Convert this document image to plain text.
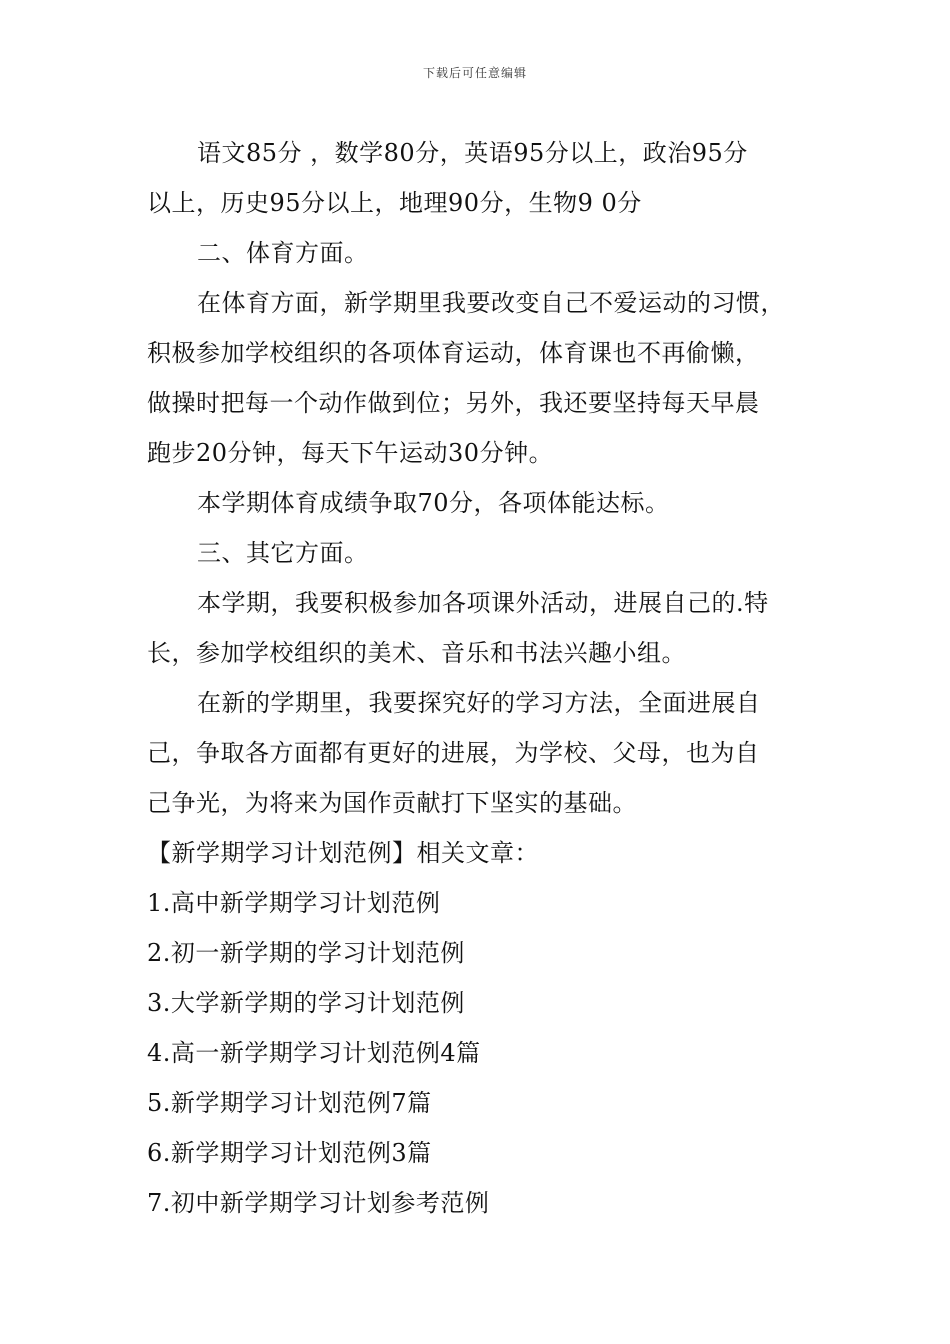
下载后可任意编辑
语文85分 ，数学80分，英语95分以上，政治95分
以上，历史95分以上，地理90分，生物9 0分
二、体育方面。
在体育方面，新学期里我要改变自己不爱运动的习惯，
积极参加学校组织的各项体育运动，体育课也不再偷懒，
做操时把每一个动作做到位；另外，我还要坚持每天早晨
跑步20分钟，每天下午运动30分钟。
本学期体育成绩争取70分，各项体能达标。
三、其它方面。
本学期，我要积极参加各项课外活动，进展自己的.特
长，参加学校组织的美术、音乐和书法兴趣小组。
在新的学期里，我要探究好的学习方法，全面进展自
己，争取各方面都有更好的进展，为学校、父母，也为自
己争光，为将来为国作贡献打下坚实的基础。
【新学期学习计划范例】相关文章：
1.高中新学期学习计划范例
2.初一新学期的学习计划范例
3.大学新学期的学习计划范例
4.高一新学期学习计划范例4篇
5.新学期学习计划范例7篇
6.新学期学习计划范例3篇
7.初中新学期学习计划参考范例
